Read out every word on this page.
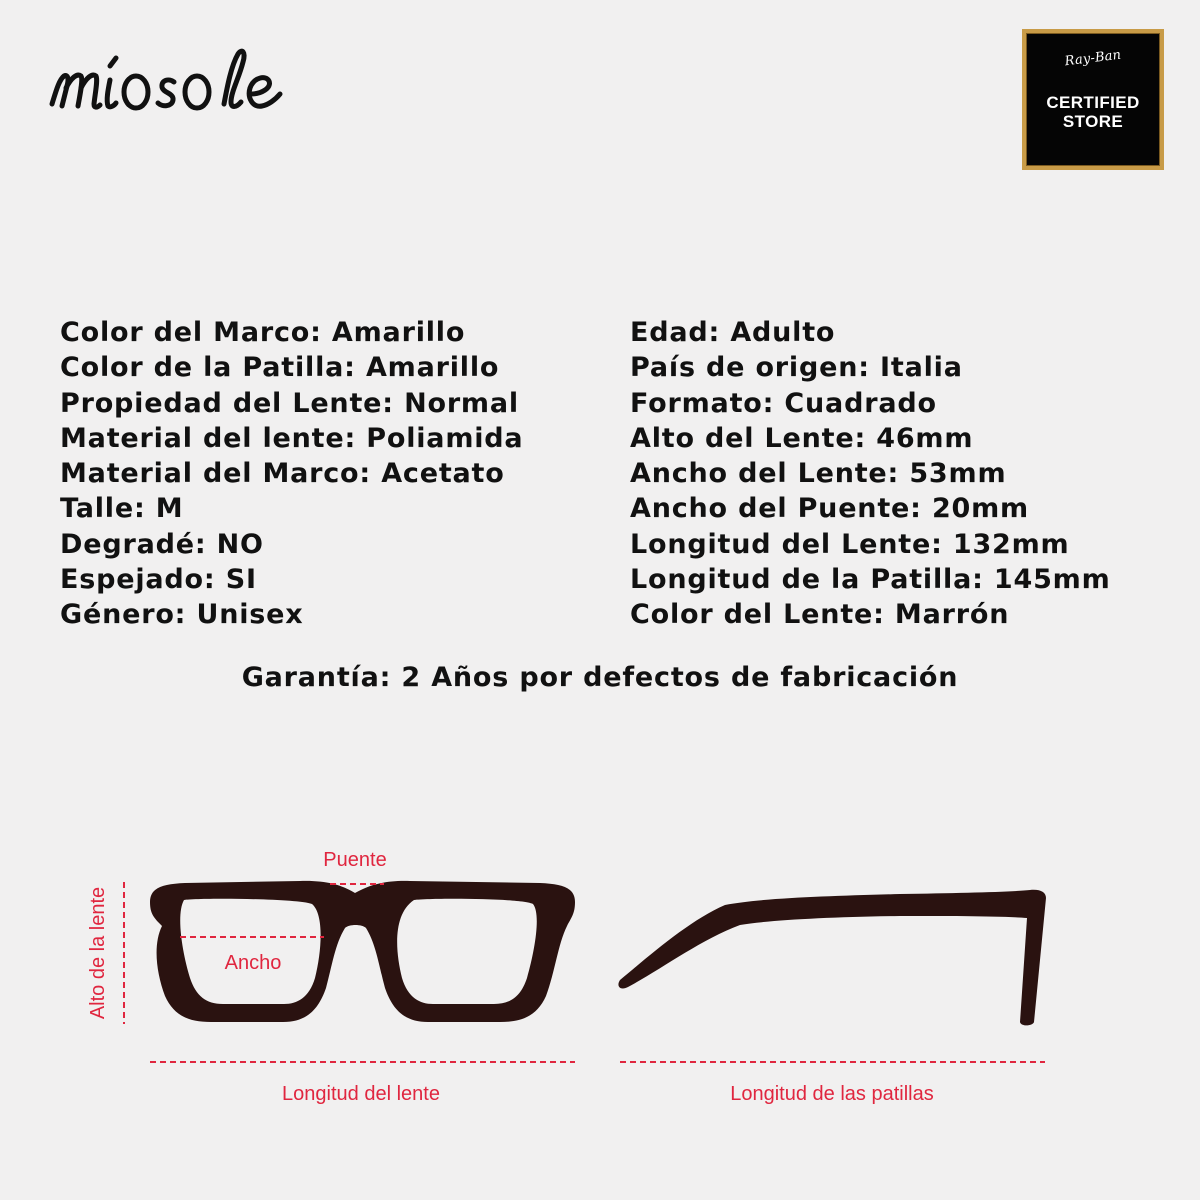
Ray-Ban
CERTIFIED
STORE
Color del Marco: Amarillo
Color de la Patilla: Amarillo
Propiedad del Lente: Normal
Material del lente: Poliamida
Material del Marco: Acetato
Talle: M
Degradé: NO
Espejado: SI
Género: Unisex
Edad: Adulto
País de origen: Italia
Formato: Cuadrado
Alto del Lente: 46mm
Ancho del Lente: 53mm
Ancho del Puente: 20mm
Longitud del Lente: 132mm
Longitud de la Patilla: 145mm
Color del Lente: Marrón
Garantía: 2 Años por defectos de fabricación
Puente
Ancho
Alto de la lente
Longitud del lente	Longitud de las patillas
